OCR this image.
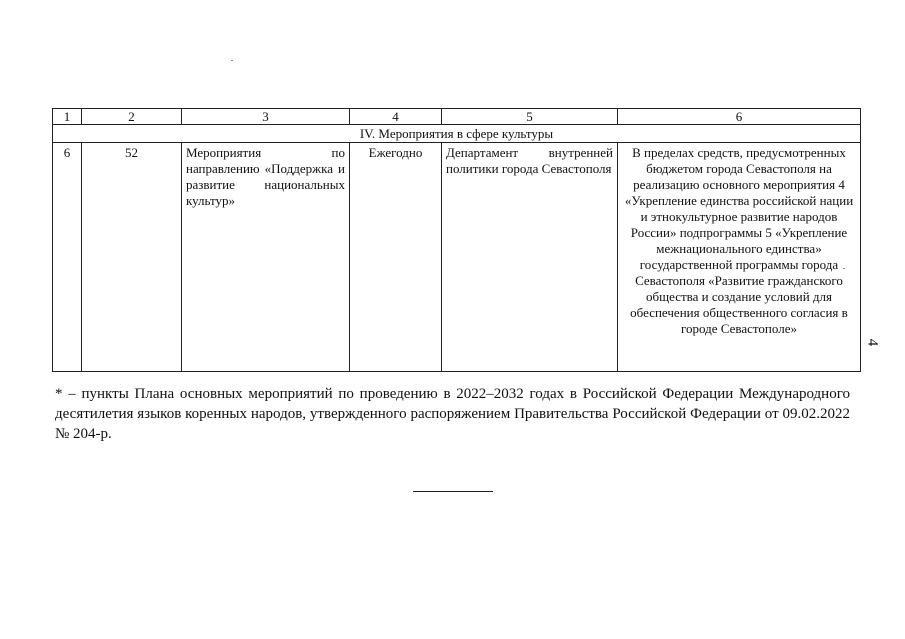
1	2	3	4	5	6
IV. Мероприятия в сфере культуры					
6	52	Мероприятия по направлению «Поддержка и развитие национальных культур»	Ежегодно	Департамент внутренней политики города Севастополя	В пределах средств, предусмотренных бюджетом города Севастополя на реализацию основного мероприятия 4 «Укрепление единства российской нации и этнокультурное развитие народов России» подпрограммы 5 «Укрепление межнационального единства» государственной программы города Севастополя «Развитие гражданского общества и создание условий для обеспечения общественного согласия в городе Севастополе»

* – пункты Плана основных мероприятий по проведению в 2022–2032 годах в Российской Федерации Международного десятилетия языков коренных народов, утвержденного распоряжением Правительства Российской Федерации от 09.02.2022 № 204-р.

4
